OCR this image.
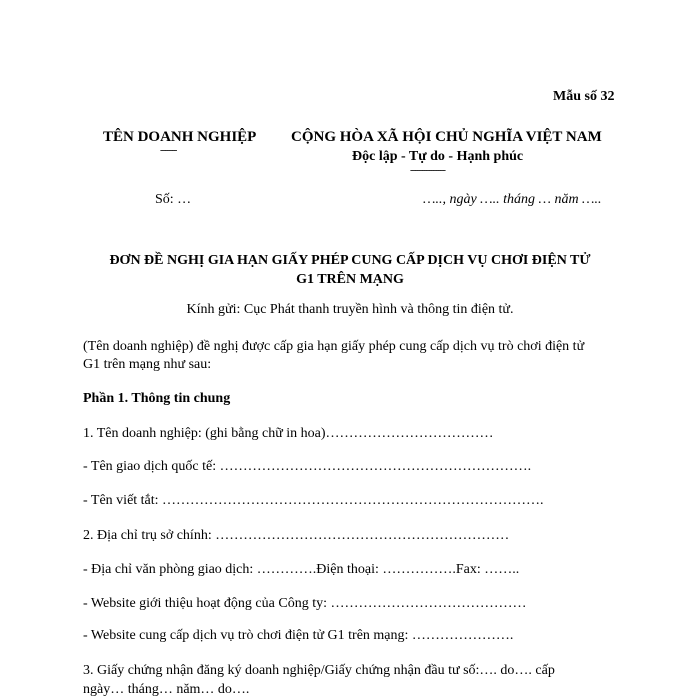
Mẫu số 32
TÊN DOANH NGHIỆP
-------
CỘNG HÒA XÃ HỘI CHỦ NGHĨA VIỆT NAM
Độc lập - Tự do - Hạnh phúc
---------------
Số: …	….., ngày ….. tháng … năm …..
ĐƠN ĐỀ NGHỊ GIA HẠN GIẤY PHÉP CUNG CẤP DỊCH VỤ CHƠI ĐIỆN TỬ
G1 TRÊN MẠNG
Kính gửi: Cục Phát thanh truyền hình và thông tin điện tử.
(Tên doanh nghiệp) đề nghị được cấp gia hạn giấy phép cung cấp dịch vụ trò chơi điện tử
G1 trên mạng như sau:
Phần 1. Thông tin chung
1. Tên doanh nghiệp: (ghi bằng chữ in hoa)………………………………
- Tên giao dịch quốc tế: ………………………………………………………….
- Tên viết tắt: ……………………………………………………………………….
2. Địa chỉ trụ sở chính: ………………………………………………………
- Địa chỉ văn phòng giao dịch: ………….Điện thoại: …………….Fax: ……..
- Website giới thiệu hoạt động của Công ty: ……………………………………
- Website cung cấp dịch vụ trò chơi điện tử G1 trên mạng: ………………….
3. Giấy chứng nhận đăng ký doanh nghiệp/Giấy chứng nhận đầu tư số:…. do…. cấp
ngày… tháng… năm… do….
